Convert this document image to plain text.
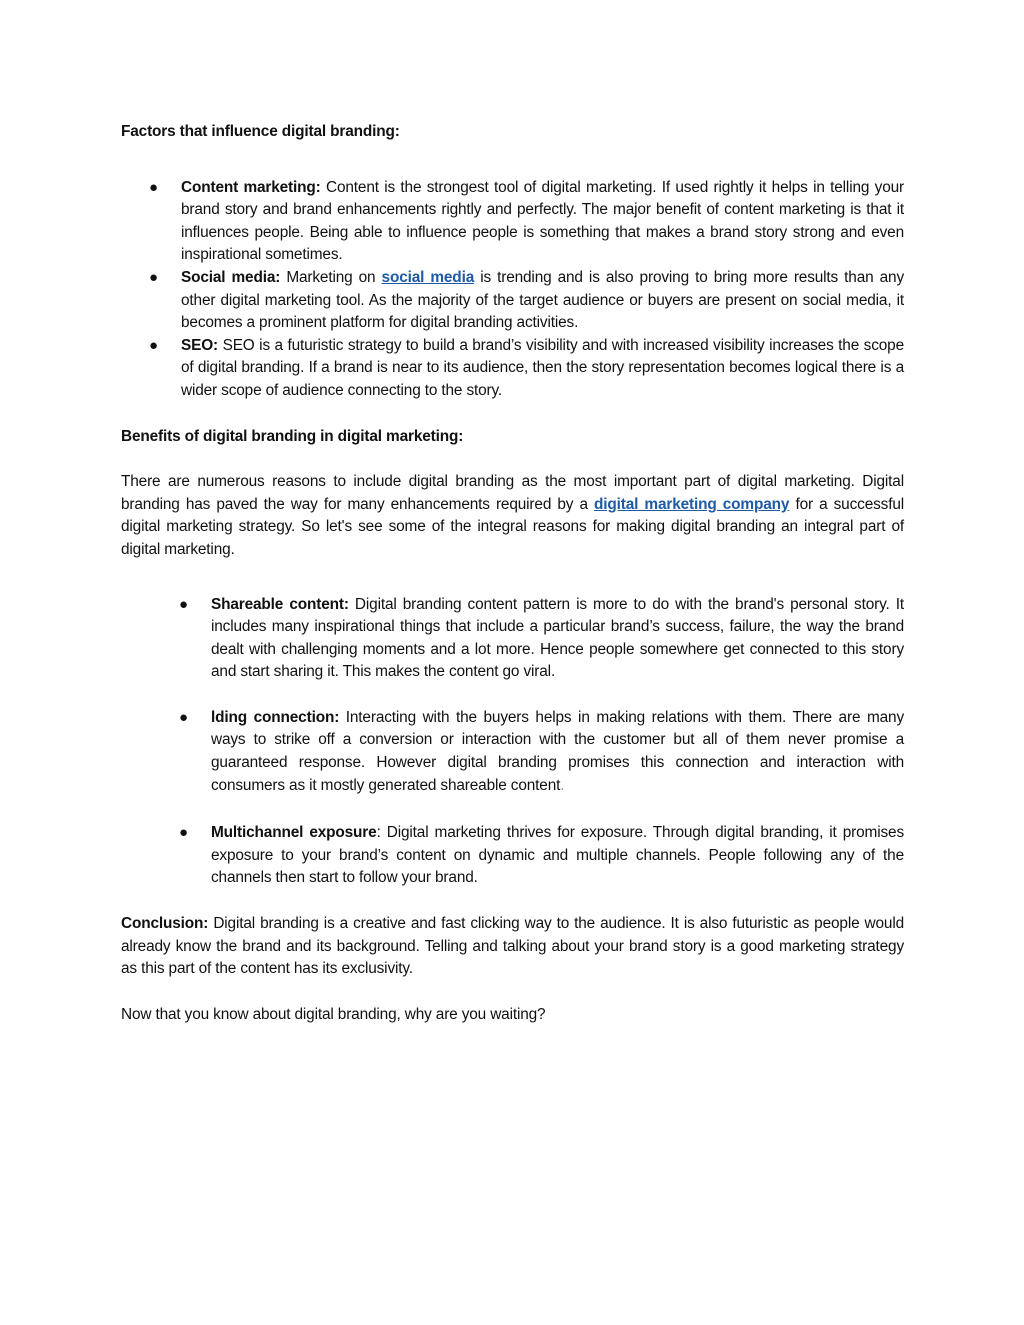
Factors that influence digital branding:

● Content marketing: Content is the strongest tool of digital marketing. If used rightly it helps in telling your brand story and brand enhancements rightly and perfectly. The major benefit of content marketing is that it influences people. Being able to influence people is something that makes a brand story strong and even inspirational sometimes.
● Social media: Marketing on social media is trending and is also proving to bring more results than any other digital marketing tool. As the majority of the target audience or buyers are present on social media, it becomes a prominent platform for digital branding activities.
● SEO: SEO is a futuristic strategy to build a brand’s visibility and with increased visibility increases the scope of digital branding. If a brand is near to its audience, then the story representation becomes logical there is a wider scope of audience connecting to the story.

Benefits of digital branding in digital marketing:

There are numerous reasons to include digital branding as the most important part of digital marketing. Digital branding has paved the way for many enhancements required by a digital marketing company for a successful digital marketing strategy. So let's see some of the integral reasons for making digital branding an integral part of digital marketing.

● Shareable content: Digital branding content pattern is more to do with the brand's personal story. It includes many inspirational things that include a particular brand’s success, failure, the way the brand dealt with challenging moments and a lot more. Hence people somewhere get connected to this story and start sharing it. This makes the content go viral.
● lding connection: Interacting with the buyers helps in making relations with them. There are many ways to strike off a conversion or interaction with the customer but all of them never promise a guaranteed response. However digital branding promises this connection and interaction with consumers as it mostly generated shareable content.
● Multichannel exposure: Digital marketing thrives for exposure. Through digital branding, it promises exposure to your brand’s content on dynamic and multiple channels. People following any of the channels then start to follow your brand.

Conclusion: Digital branding is a creative and fast clicking way to the audience. It is also futuristic as people would already know the brand and its background. Telling and talking about your brand story is a good marketing strategy as this part of the content has its exclusivity.

Now that you know about digital branding, why are you waiting?
